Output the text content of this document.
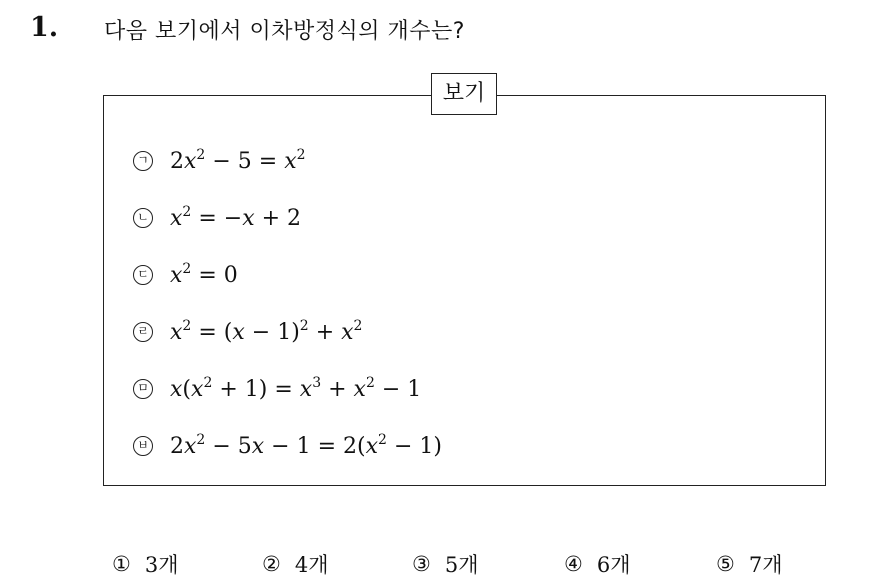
1. 다음 보기에서 이차방정식의 개수는?
보기
ㄱ $2x^2 - 5 = x^2$
ㄴ $x^2 = -x + 2$
ㄷ $x^2 = 0$
ㄹ $x^2 = (x - 1)^2 + x^2$
ㅁ $x(x^2 + 1) = x^3 + x^2 - 1$
ㅂ $2x^2 - 5x - 1 = 2(x^2 - 1)$
① 3개	② 4개	③ 5개	④ 6개	⑤ 7개
